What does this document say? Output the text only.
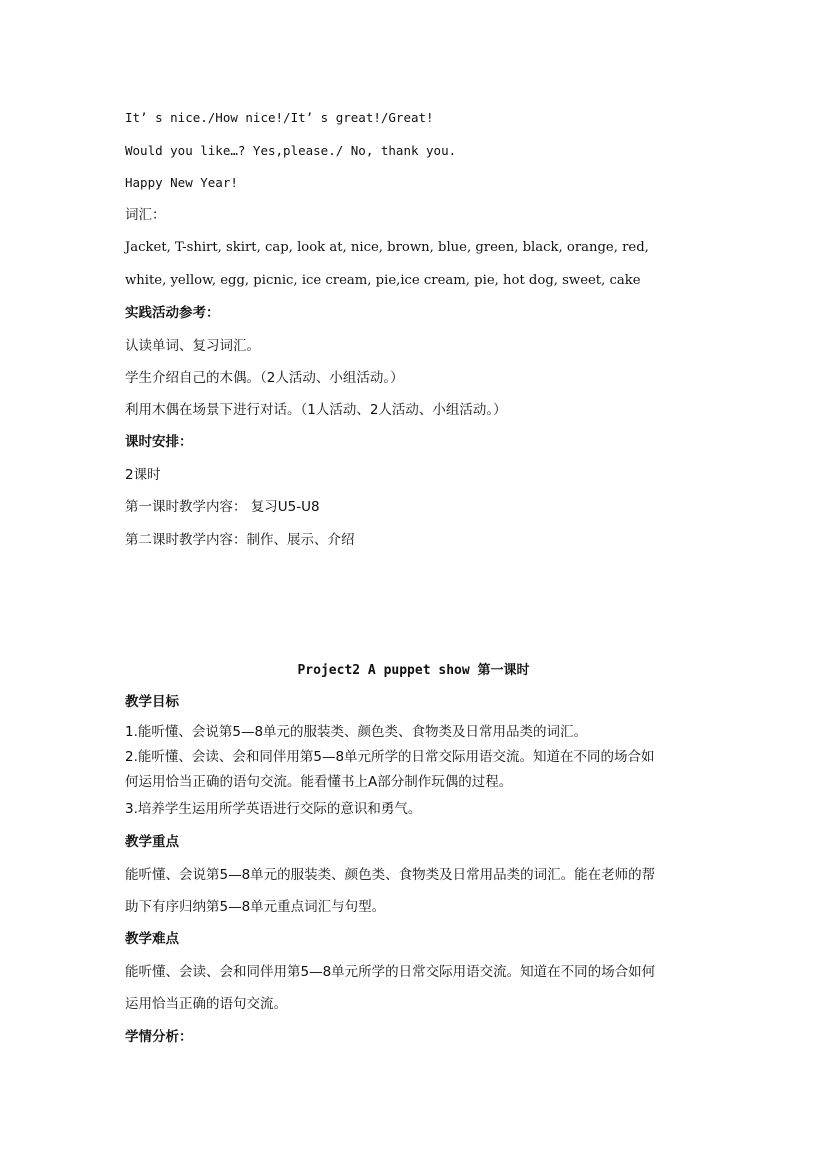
It’ s nice./How nice!/It’ s great!/Great!
Would you like…? Yes,please./ No, thank you.
Happy New Year!
词汇：
Jacket, T-shirt, skirt, cap, look at, nice, brown, blue, green, black, orange, red,
white, yellow, egg, picnic, ice cream, pie,ice cream, pie, hot dog, sweet, cake
实践活动参考：
认读单词、复习词汇。
学生介绍自己的木偶。（2人活动、小组活动。）
利用木偶在场景下进行对话。（1人活动、2人活动、小组活动。）
课时安排：
2课时
第一课时教学内容： 复习U5-U8
第二课时教学内容：制作、展示、介绍
Project2 A puppet show 第一课时
教学目标
1.能听懂、会说第5—8单元的服装类、颜色类、食物类及日常用品类的词汇。
2.能听懂、会读、会和同伴用第5—8单元所学的日常交际用语交流。知道在不同的场合如
何运用恰当正确的语句交流。能看懂书上A部分制作玩偶的过程。
3.培养学生运用所学英语进行交际的意识和勇气。
教学重点
能听懂、会说第5—8单元的服装类、颜色类、食物类及日常用品类的词汇。能在老师的帮
助下有序归纳第5—8单元重点词汇与句型。
教学难点
能听懂、会读、会和同伴用第5—8单元所学的日常交际用语交流。知道在不同的场合如何
运用恰当正确的语句交流。
学情分析：
